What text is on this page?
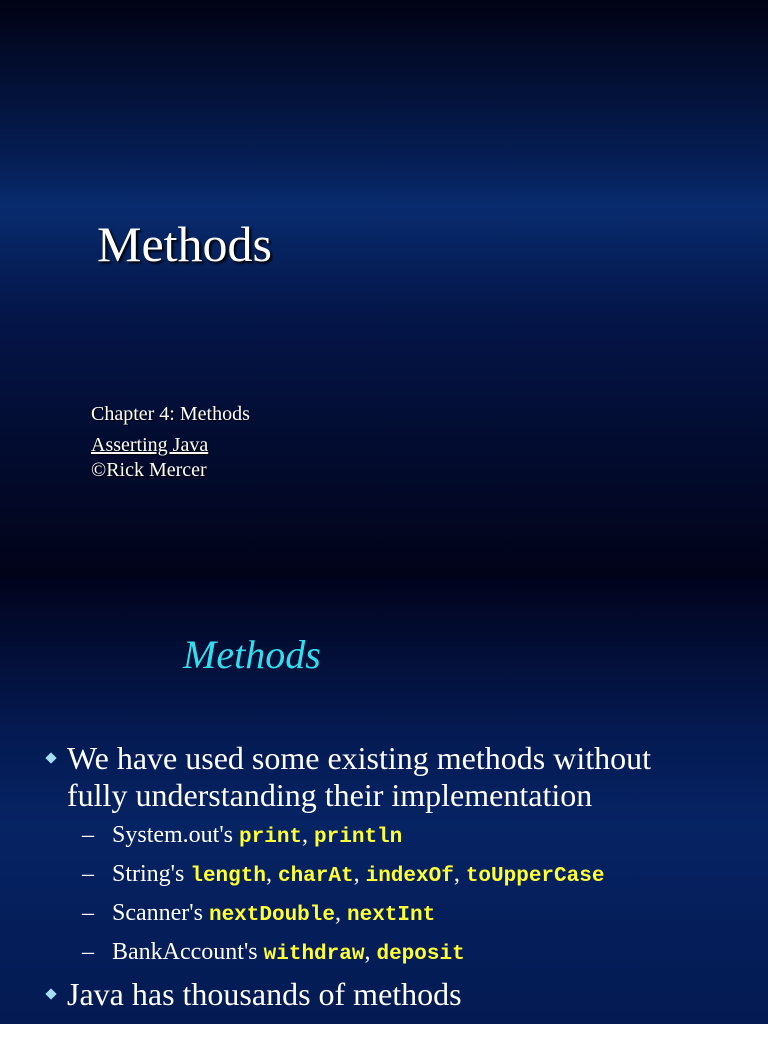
Methods
Chapter 4: Methods
Asserting Java
©Rick Mercer
Methods
We have used some existing methods without
fully understanding their implementation
– System.out's print, println
– String's length, charAt, indexOf, toUpperCase
– Scanner's nextDouble, nextInt
– BankAccount's withdraw, deposit
Java has thousands of methods
– We often need to create our own
